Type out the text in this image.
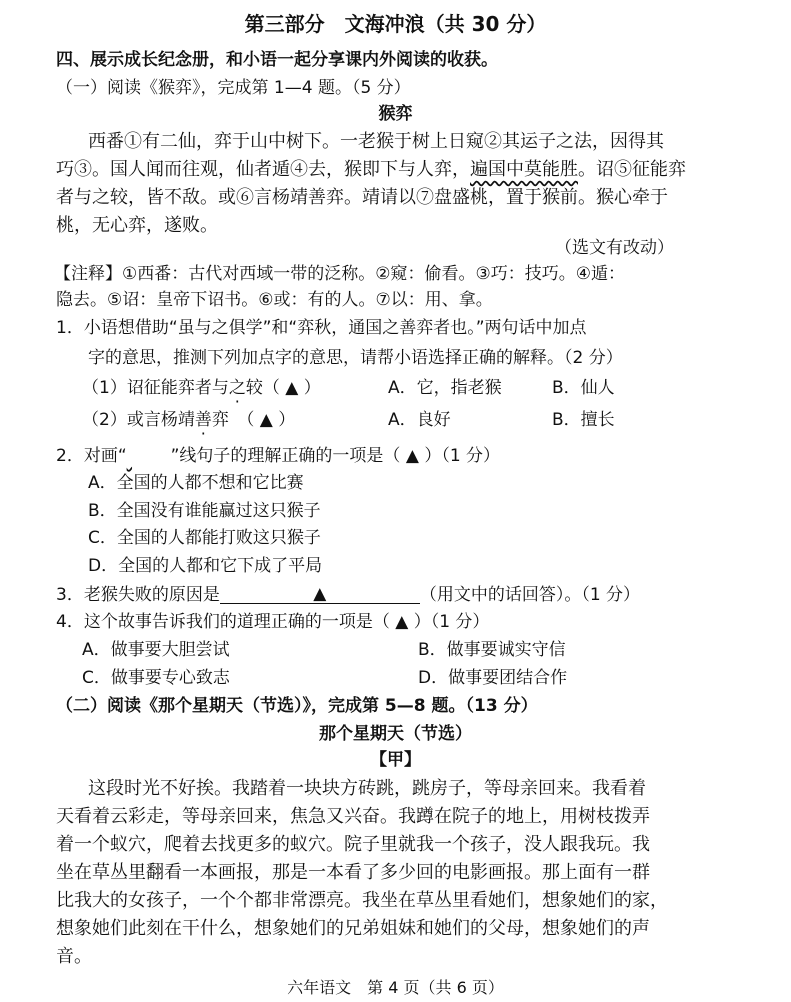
第三部分　文海冲浪（共 30 分）
四、展示成长纪念册，和小语一起分享课内外阅读的收获。
（一）阅读《猴弈》，完成第 1—4 题。（5 分）
猴弈
西番①有二仙，弈于山中树下。一老猴于树上日窥②其运子之法，因得其
巧③。国人闻而往观，仙者遁④去，猴即下与人弈，遍国中莫能胜。诏⑤征能弈
者与之较，皆不敌。或⑥言杨靖善弈。靖请以⑦盘盛桃，置于猴前。猴心牵于
桃，无心弈，遂败。
（选文有改动）
【注释】①西番：古代对西域一带的泛称。②窥：偷看。③巧：技巧。④遁：
隐去。⑤诏：皇帝下诏书。⑥或：有的人。⑦以：用、拿。
1．小语想借助“虽与之俱学”和“弈秋，通国之善弈者也。”两句话中加点
字的意思，推测下列加点字的意思，请帮小语选择正确的解释。（2 分）
（1）诏征能弈者与之较（ ▲ ）	A．它，指老猴	B．仙人
（2）或言杨靖善弈　（ ▲ ）	A．良好	B．擅长
2．对画“	”线句子的理解正确的一项是（ ▲ ）（1 分）
A．全国的人都不想和它比赛
B．全国没有谁能赢过这只猴子
C．全国的人都能打败这只猴子
D．全国的人都和它下成了平局
3．老猴失败的原因是	▲	（用文中的话回答）。（1 分）
4．这个故事告诉我们的道理正确的一项是（ ▲ ）（1 分）
A．做事要大胆尝试	B．做事要诚实守信
C．做事要专心致志	D．做事要团结合作
（二）阅读《那个星期天（节选）》，完成第 5—8 题。（13 分）
那个星期天（节选）
【甲】
这段时光不好挨。我踏着一块块方砖跳，跳房子，等母亲回来。我看着
天看着云彩走，等母亲回来，焦急又兴奋。我蹲在院子的地上，用树枝拨弄
着一个蚁穴，爬着去找更多的蚁穴。院子里就我一个孩子，没人跟我玩。我
坐在草丛里翻看一本画报，那是一本看了多少回的电影画报。那上面有一群
比我大的女孩子，一个个都非常漂亮。我坐在草丛里看她们，想象她们的家，
想象她们此刻在干什么，想象她们的兄弟姐妹和她们的父母，想象她们的声
音。
六年语文　第 4 页（共 6 页）
